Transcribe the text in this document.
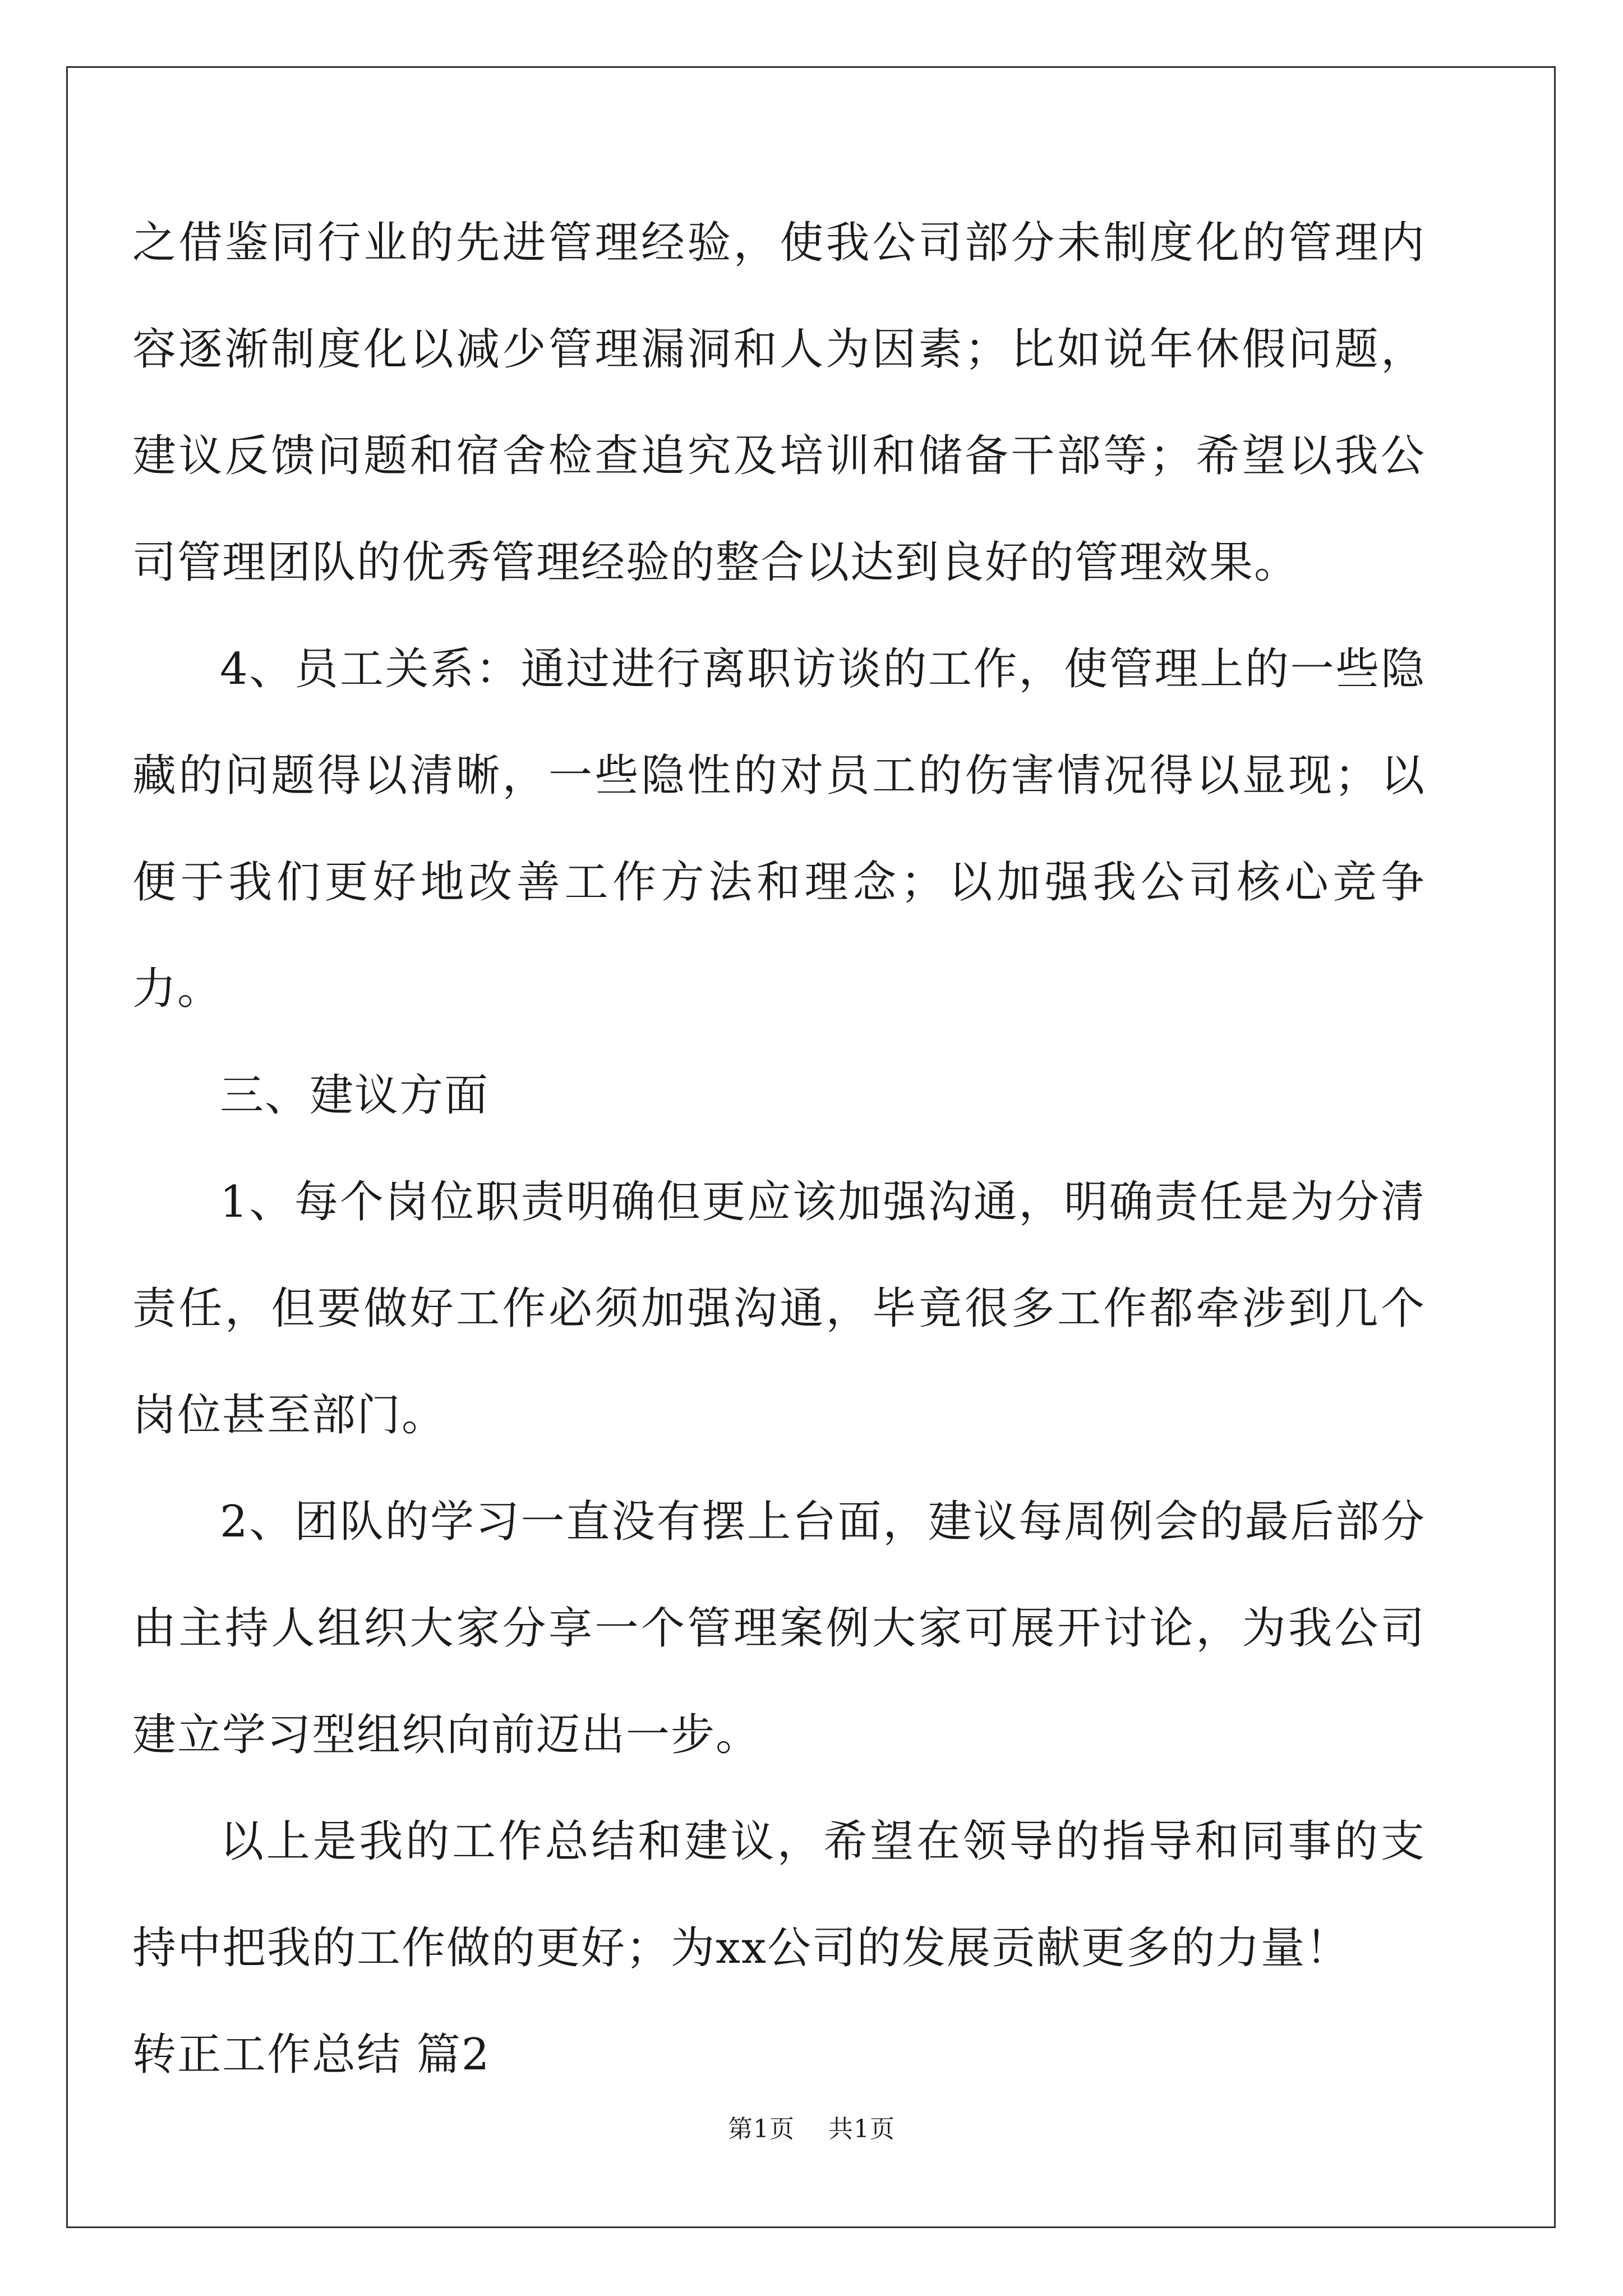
之借鉴同行业的先进管理经验，使我公司部分未制度化的管理内容逐渐制度化以减少管理漏洞和人为因素；比如说年休假问题，建议反馈问题和宿舍检查追究及培训和储备干部等；希望以我公司管理团队的优秀管理经验的整合以达到良好的管理效果。

4、员工关系：通过进行离职访谈的工作，使管理上的一些隐藏的问题得以清晰，一些隐性的对员工的伤害情况得以显现；以便于我们更好地改善工作方法和理念；以加强我公司核心竞争力。

三、建议方面

1、每个岗位职责明确但更应该加强沟通，明确责任是为分清责任，但要做好工作必须加强沟通，毕竟很多工作都牵涉到几个岗位甚至部门。

2、团队的学习一直没有摆上台面，建议每周例会的最后部分由主持人组织大家分享一个管理案例大家可展开讨论，为我公司建立学习型组织向前迈出一步。

以上是我的工作总结和建议，希望在领导的指导和同事的支持中把我的工作做的更好；为xx公司的发展贡献更多的力量！

转正工作总结 篇2

第1页 共1页
